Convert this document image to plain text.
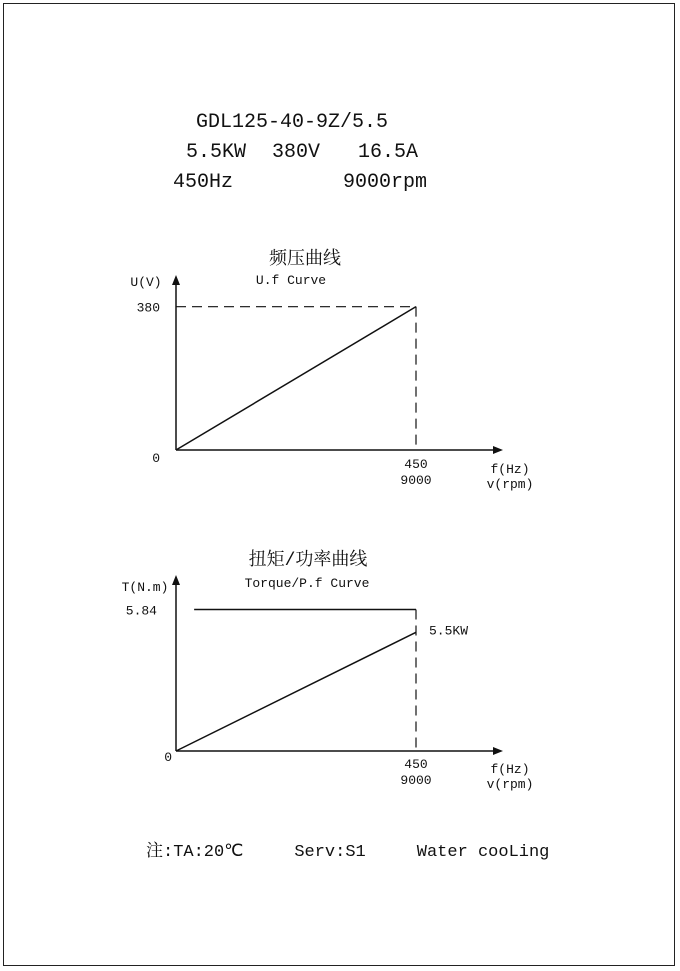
GDL125-40-9Z/5.5
5.5KW 380V 16.5A
450Hz	9000rpm
频压曲线
U.f Curve
U(V)
f(Hz)
v(rpm)
0
380
450
9000
扭矩/功率曲线
Torque/P.f Curve
T(N.m)
f(Hz)
v(rpm)
0
5.84
450
9000
5.5KW
注:TA:20℃	Serv:S1	Water cooLing
